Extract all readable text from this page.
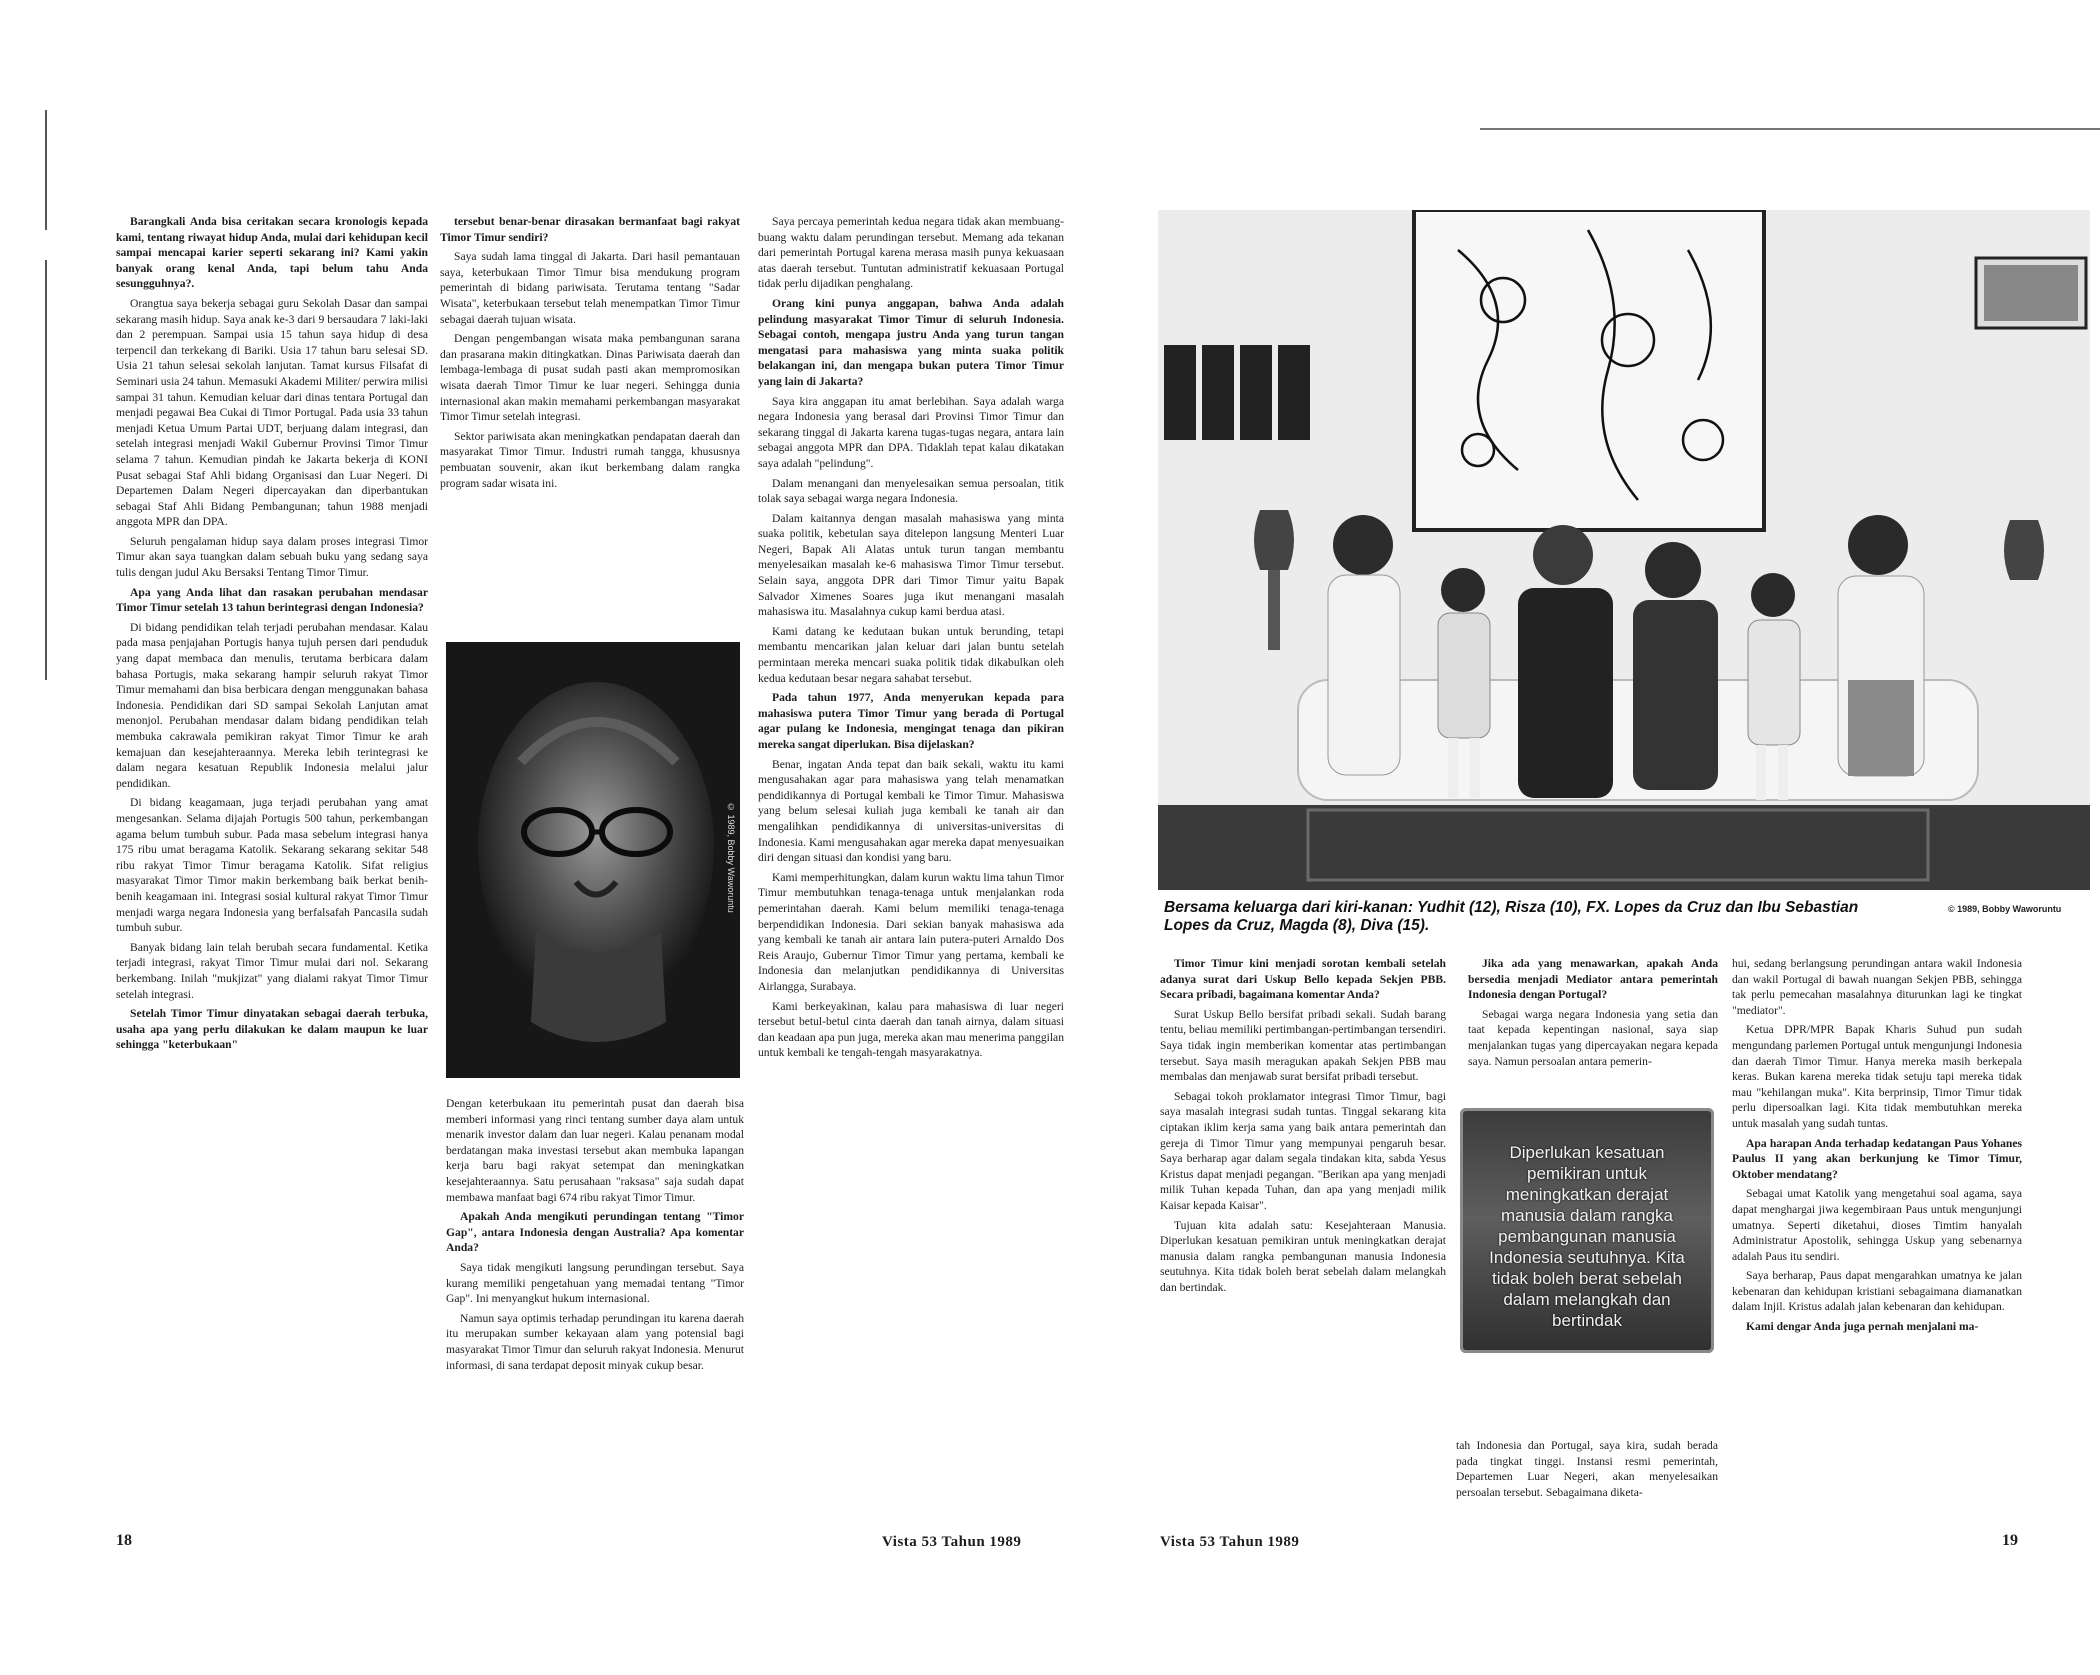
Barangkali Anda bisa ceritakan secara kronologis kepada kami, tentang riwayat hidup Anda, mulai dari kehidupan kecil sampai mencapai karier seperti sekarang ini? Kami yakin banyak orang kenal Anda, tapi belum tahu Anda sesungguhnya?.

Orangtua saya bekerja sebagai guru Sekolah Dasar dan sampai sekarang masih hidup. Saya anak ke-3 dari 9 bersaudara 7 laki-laki dan 2 perempuan. Sampai usia 15 tahun saya hidup di desa terpencil dan terkekang di Bariki. Usia 17 tahun baru selesai SD. Usia 21 tahun selesai sekolah lanjutan. Tamat kursus Filsafat di Seminari usia 24 tahun. Memasuki Akademi Militer/ perwira milisi sampai 31 tahun. Kemudian keluar dari dinas tentara Portugal dan menjadi pegawai Bea Cukai di Timor Portugal. Pada usia 33 tahun menjadi Ketua Umum Partai UDT, berjuang dalam integrasi, dan setelah integrasi menjadi Wakil Gubernur Provinsi Timor Timur selama 7 tahun. Kemudian pindah ke Jakarta bekerja di KONI Pusat sebagai Staf Ahli bidang Organisasi dan Luar Negeri. Di Departemen Dalam Negeri dipercayakan dan diperbantukan sebagai Staf Ahli Bidang Pembangunan; tahun 1988 menjadi anggota MPR dan DPA.

Seluruh pengalaman hidup saya dalam proses integrasi Timor Timur akan saya tuangkan dalam sebuah buku yang sedang saya tulis dengan judul Aku Bersaksi Tentang Timor Timur.

Apa yang Anda lihat dan rasakan perubahan mendasar Timor Timur setelah 13 tahun berintegrasi dengan Indonesia?

Di bidang pendidikan telah terjadi perubahan mendasar. Kalau pada masa penjajahan Portugis hanya tujuh persen dari penduduk yang dapat membaca dan menulis, terutama berbicara dalam bahasa Portugis, maka sekarang hampir seluruh rakyat Timor Timur memahami dan bisa berbicara dengan menggunakan bahasa Indonesia. Pendidikan dari SD sampai Sekolah Lanjutan amat menonjol. Perubahan mendasar dalam bidang pendidikan telah membuka cakrawala pemikiran rakyat Timor Timur ke arah kemajuan dan kesejahteraannya. Mereka lebih terintegrasi ke dalam negara kesatuan Republik Indonesia melalui jalur pendidikan.

Di bidang keagamaan, juga terjadi perubahan yang amat mengesankan. Selama dijajah Portugis 500 tahun, perkembangan agama belum tumbuh subur. Pada masa sebelum integrasi hanya 175 ribu umat beragama Katolik. Sekarang sekarang sekitar 548 ribu rakyat Timor Timur beragama Katolik. Sifat religius masyarakat Timor Timor makin berkembang baik berkat benih-benih keagamaan ini. Integrasi sosial kultural rakyat Timor Timur menjadi warga negara Indonesia yang berfalsafah Pancasila sudah tumbuh subur.

Banyak bidang lain telah berubah secara fundamental. Ketika terjadi integrasi, rakyat Timor Timur mulai dari nol. Sekarang berkembang. Inilah "mukjizat" yang dialami rakyat Timor Timur setelah integrasi.

Setelah Timor Timur dinyatakan sebagai daerah terbuka, usaha apa yang perlu dilakukan ke dalam maupun ke luar sehingga "keterbukaan"

tersebut benar-benar dirasakan bermanfaat bagi rakyat Timor Timur sendiri?

Saya sudah lama tinggal di Jakarta. Dari hasil pemantauan saya, keterbukaan Timor Timur bisa mendukung program pemerintah di bidang pariwisata. Terutama tentang "Sadar Wisata", keterbukaan tersebut telah menempatkan Timor Timur sebagai daerah tujuan wisata.

Dengan pengembangan wisata maka pembangunan sarana dan prasarana makin ditingkatkan. Dinas Pariwisata daerah dan lembaga-lembaga di pusat sudah pasti akan mempromosikan wisata daerah Timor Timur ke luar negeri. Sehingga dunia internasional akan makin memahami perkembangan masyarakat Timor Timur setelah integrasi.

Sektor pariwisata akan meningkatkan pendapatan daerah dan masyarakat Timor Timur. Industri rumah tangga, khususnya pembuatan souvenir, akan ikut berkembang dalam rangka program sadar wisata ini.

© 1989, Bobby Waworuntu

Dengan keterbukaan itu pemerintah pusat dan daerah bisa memberi informasi yang rinci tentang sumber daya alam untuk menarik investor dalam dan luar negeri. Kalau penanam modal berdatangan maka investasi tersebut akan membuka lapangan kerja baru bagi rakyat setempat dan meningkatkan kesejahteraannya. Satu perusahaan "raksasa" saja sudah dapat membawa manfaat bagi 674 ribu rakyat Timor Timur.

Apakah Anda mengikuti perundingan tentang "Timor Gap", antara Indonesia dengan Australia? Apa komentar Anda?

Saya tidak mengikuti langsung perundingan tersebut. Saya kurang memiliki pengetahuan yang memadai tentang "Timor Gap". Ini menyangkut hukum internasional.

Namun saya optimis terhadap perundingan itu karena daerah itu merupakan sumber kekayaan alam yang potensial bagi masyarakat Timor Timur dan seluruh rakyat Indonesia. Menurut informasi, di sana terdapat deposit minyak cukup besar.

Saya percaya pemerintah kedua negara tidak akan membuang-buang waktu dalam perundingan tersebut. Memang ada tekanan dari pemerintah Portugal karena merasa masih punya kekuasaan atas daerah tersebut. Tuntutan administratif kekuasaan Portugal tidak perlu dijadikan penghalang.

Orang kini punya anggapan, bahwa Anda adalah pelindung masyarakat Timor Timur di seluruh Indonesia. Sebagai contoh, mengapa justru Anda yang turun tangan mengatasi para mahasiswa yang minta suaka politik belakangan ini, dan mengapa bukan putera Timor Timur yang lain di Jakarta?

Saya kira anggapan itu amat berlebihan. Saya adalah warga negara Indonesia yang berasal dari Provinsi Timor Timur dan sekarang tinggal di Jakarta karena tugas-tugas negara, antara lain sebagai anggota MPR dan DPA. Tidaklah tepat kalau dikatakan saya adalah "pelindung".

Dalam menangani dan menyelesaikan semua persoalan, titik tolak saya sebagai warga negara Indonesia.

Dalam kaitannya dengan masalah mahasiswa yang minta suaka politik, kebetulan saya ditelepon langsung Menteri Luar Negeri, Bapak Ali Alatas untuk turun tangan membantu menyelesaikan masalah ke-6 mahasiswa Timor Timur tersebut. Selain saya, anggota DPR dari Timor Timur yaitu Bapak Salvador Ximenes Soares juga ikut menangani masalah mahasiswa itu. Masalahnya cukup kami berdua atasi.

Kami datang ke kedutaan bukan untuk berunding, tetapi membantu mencarikan jalan keluar dari jalan buntu setelah permintaan mereka mencari suaka politik tidak dikabulkan oleh kedua kedutaan besar negara sahabat tersebut.

Pada tahun 1977, Anda menyerukan kepada para mahasiswa putera Timor Timur yang berada di Portugal agar pulang ke Indonesia, mengingat tenaga dan pikiran mereka sangat diperlukan. Bisa dijelaskan?

Benar, ingatan Anda tepat dan baik sekali, waktu itu kami mengusahakan agar para mahasiswa yang telah menamatkan pendidikannya di Portugal kembali ke Timor Timur. Mahasiswa yang belum selesai kuliah juga kembali ke tanah air dan mengalihkan pendidikannya di universitas-universitas di Indonesia. Kami mengusahakan agar mereka dapat menyesuaikan diri dengan situasi dan kondisi yang baru.

Kami memperhitungkan, dalam kurun waktu lima tahun Timor Timur membutuhkan tenaga-tenaga untuk menjalankan roda pemerintahan daerah. Kami belum memiliki tenaga-tenaga berpendidikan Indonesia. Dari sekian banyak mahasiswa ada yang kembali ke tanah air antara lain putera-puteri Arnaldo Dos Reis Araujo, Gubernur Timor Timur yang pertama, kembali ke Indonesia dan melanjutkan pendidikannya di Universitas Airlangga, Surabaya.

Kami berkeyakinan, kalau para mahasiswa di luar negeri tersebut betul-betul cinta daerah dan tanah airnya, dalam situasi dan keadaan apa pun juga, mereka akan mau menerima panggilan untuk kembali ke tengah-tengah masyarakatnya.

18	Vista 53 Tahun 1989
Bersama keluarga dari kiri-kanan: Yudhit (12), Risza (10), FX. Lopes da Cruz dan Ibu Sebastian Lopes da Cruz, Magda (8), Diva (15).
© 1989, Bobby Waworuntu

Timor Timur kini menjadi sorotan kembali setelah adanya surat dari Uskup Bello kepada Sekjen PBB. Secara pribadi, bagaimana komentar Anda?

Surat Uskup Bello bersifat pribadi sekali. Sudah barang tentu, beliau memiliki pertimbangan-pertimbangan tersendiri. Saya tidak ingin memberikan komentar atas pertimbangan tersebut. Saya masih meragukan apakah Sekjen PBB mau membalas dan menjawab surat bersifat pribadi tersebut.

Sebagai tokoh proklamator integrasi Timor Timur, bagi saya masalah integrasi sudah tuntas. Tinggal sekarang kita ciptakan iklim kerja sama yang baik antara pemerintah dan gereja di Timor Timur yang mempunyai pengaruh besar. Saya berharap agar dalam segala tindakan kita, sabda Yesus Kristus dapat menjadi pegangan. "Berikan apa yang menjadi milik Tuhan kepada Tuhan, dan apa yang menjadi milik Kaisar kepada Kaisar".

Tujuan kita adalah satu: Kesejahteraan Manusia. Diperlukan kesatuan pemikiran untuk meningkatkan derajat manusia dalam rangka pembangunan manusia Indonesia seutuhnya. Kita tidak boleh berat sebelah dalam melangkah dan bertindak.

Jika ada yang menawarkan, apakah Anda bersedia menjadi Mediator antara pemerintah Indonesia dengan Portugal?

Sebagai warga negara Indonesia yang setia dan taat kepada kepentingan nasional, saya siap menjalankan tugas yang dipercayakan negara kepada saya. Namun persoalan antara pemerin-

Diperlukan kesatuan pemikiran untuk meningkatkan derajat manusia dalam rangka pembangunan manusia Indonesia seutuhnya. Kita tidak boleh berat sebelah dalam melangkah dan bertindak

tah Indonesia dan Portugal, saya kira, sudah berada pada tingkat tinggi. Instansi resmi pemerintah, Departemen Luar Negeri, akan menyelesaikan persoalan tersebut. Sebagaimana diketa-

hui, sedang berlangsung perundingan antara wakil Indonesia dan wakil Portugal di bawah nuangan Sekjen PBB, sehingga tak perlu pemecahan masalahnya diturunkan lagi ke tingkat "mediator".

Ketua DPR/MPR Bapak Kharis Suhud pun sudah mengundang parlemen Portugal untuk mengunjungi Indonesia dan daerah Timor Timur. Hanya mereka masih berkepala keras. Bukan karena mereka tidak setuju tapi mereka tidak mau "kehilangan muka". Kita berprinsip, Timor Timur tidak perlu dipersoalkan lagi. Kita tidak membutuhkan mereka untuk masalah yang sudah tuntas.

Apa harapan Anda terhadap kedatangan Paus Yohanes Paulus II yang akan berkunjung ke Timor Timur, Oktober mendatang?

Sebagai umat Katolik yang mengetahui soal agama, saya dapat menghargai jiwa kegembiraan Paus untuk mengunjungi umatnya. Seperti diketahui, dioses Timtim hanyalah Administratur Apostolik, sehingga Uskup yang sebenarnya adalah Paus itu sendiri.

Saya berharap, Paus dapat mengarahkan umatnya ke jalan kebenaran dan kehidupan kristiani sebagaimana diamanatkan dalam Injil. Kristus adalah jalan kebenaran dan kehidupan.

Kami dengar Anda juga pernah menjalani ma-

Vista 53 Tahun 1989	19
